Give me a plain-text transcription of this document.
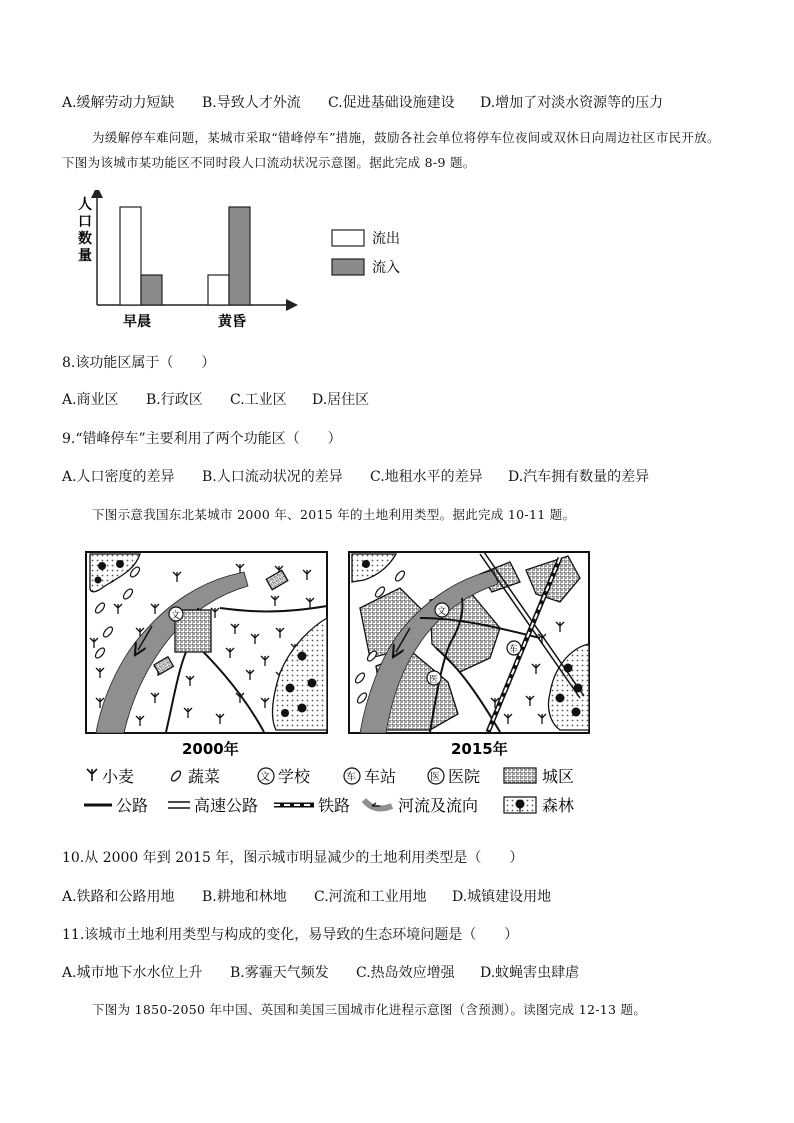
A.缓解劳动力短缺 B.导致人才外流 C.促进基础设施建设 D.增加了对淡水资源等的压力
为缓解停车难问题，某城市采取“错峰停车”措施，鼓励各社会单位将停车位夜间或双休日向周边社区市民开放。下图为该城市某功能区不同时段人口流动状况示意图。据此完成 8-9 题。
人
口
数
量
早晨	黄昏
流出
流入
8.该功能区属于（　　）
A.商业区 B.行政区 C.工业区 D.居住区
9.“错峰停车”主要利用了两个功能区（　　）
A.人口密度的差异 B.人口流动状况的差异 C.地租水平的差异 D.汽车拥有数量的差异
下图示意我国东北某城市 2000 年、2015 年的土地利用类型。据此完成 10-11 题。
文
2000年
文
车
医
2015年
小麦	蔬菜	文 学校	车 车站	医 医院	城区
公路	高速公路	铁路	河流及流向	森林
10.从 2000 年到 2015 年，图示城市明显减少的土地利用类型是（　　）
A.铁路和公路用地 B.耕地和林地 C.河流和工业用地 D.城镇建设用地
11.该城市土地利用类型与构成的变化，易导致的生态环境问题是（　　）
A.城市地下水水位上升 B.雾霾天气频发 C.热岛效应增强 D.蚊蝇害虫肆虐
下图为 1850-2050 年中国、英国和美国三国城市化进程示意图（含预测）。读图完成 12-13 题。
